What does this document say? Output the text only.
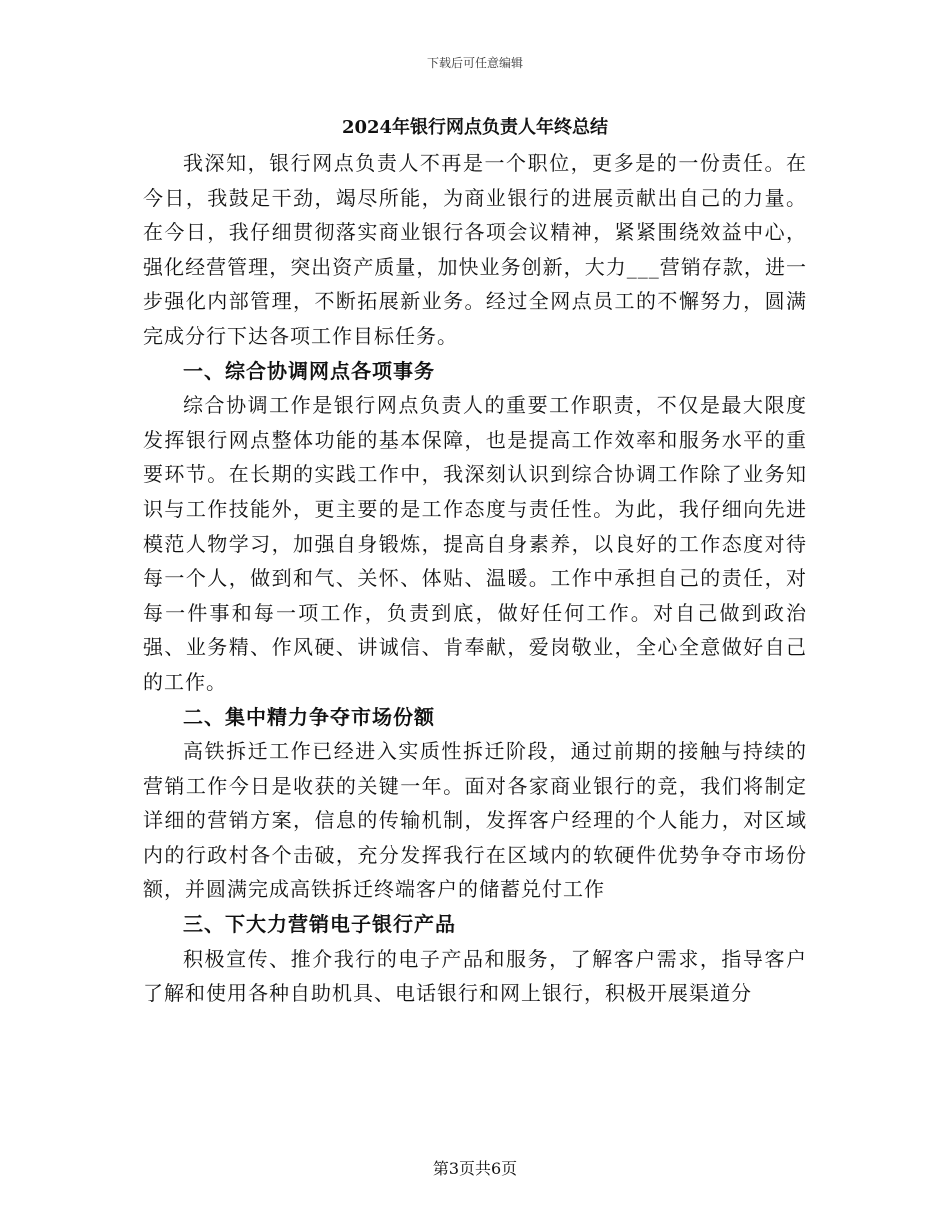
下载后可任意编辑
2024年银行网点负责人年终总结

我深知，银行网点负责人不再是一个职位，更多是的一份责任。在今日，我鼓足干劲，竭尽所能，为商业银行的进展贡献出自己的力量。在今日，我仔细贯彻落实商业银行各项会议精神，紧紧围绕效益中心，强化经营管理，突出资产质量，加快业务创新，大力___营销存款，进一步强化内部管理，不断拓展新业务。经过全网点员工的不懈努力，圆满完成分行下达各项工作目标任务。

一、综合协调网点各项事务

综合协调工作是银行网点负责人的重要工作职责，不仅是最大限度发挥银行网点整体功能的基本保障，也是提高工作效率和服务水平的重要环节。在长期的实践工作中，我深刻认识到综合协调工作除了业务知识与工作技能外，更主要的是工作态度与责任性。为此，我仔细向先进模范人物学习，加强自身锻炼，提高自身素养，以良好的工作态度对待每一个人，做到和气、关怀、体贴、温暖。工作中承担自己的责任，对每一件事和每一项工作，负责到底，做好任何工作。对自己做到政治强、业务精、作风硬、讲诚信、肯奉献，爱岗敬业，全心全意做好自己的工作。

二、集中精力争夺市场份额

高铁拆迁工作已经进入实质性拆迁阶段，通过前期的接触与持续的营销工作今日是收获的关键一年。面对各家商业银行的竞，我们将制定详细的营销方案，信息的传输机制，发挥客户经理的个人能力，对区域内的行政村各个击破，充分发挥我行在区域内的软硬件优势争夺市场份额，并圆满完成高铁拆迁终端客户的储蓄兑付工作

三、下大力营销电子银行产品

积极宣传、推介我行的电子产品和服务，了解客户需求，指导客户了解和使用各种自助机具、电话银行和网上银行，积极开展渠道分

第3页共6页
